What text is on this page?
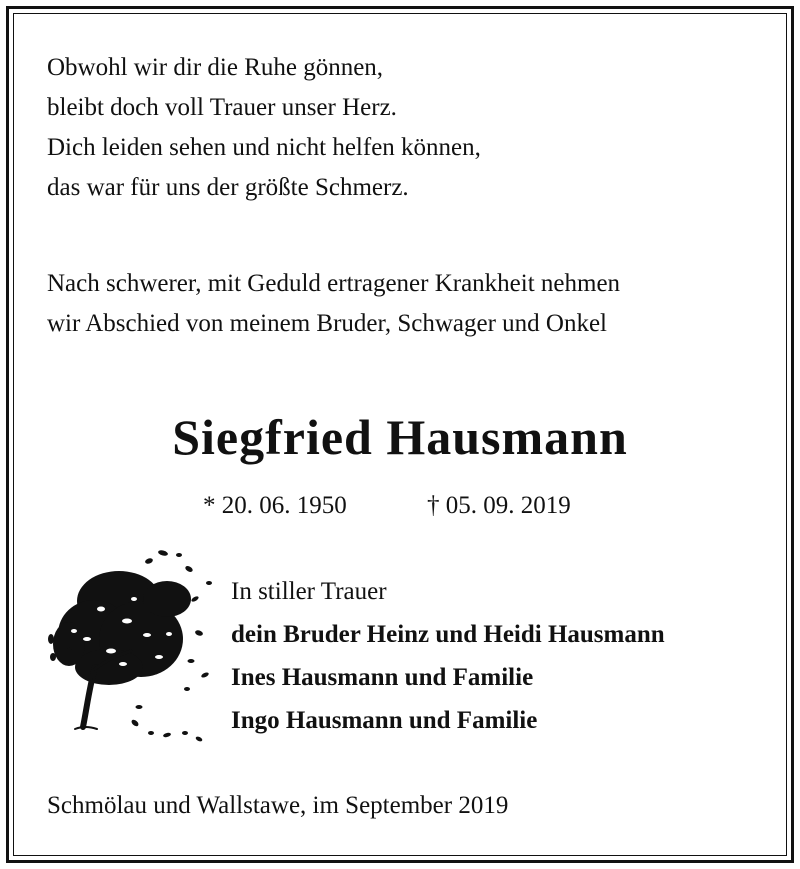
Obwohl wir dir die Ruhe gönnen,
bleibt doch voll Trauer unser Herz.
Dich leiden sehen und nicht helfen können,
das war für uns der größte Schmerz.

Nach schwerer, mit Geduld ertragener Krankheit nehmen
wir Abschied von meinem Bruder, Schwager und Onkel

Siegfried Hausmann
* 20. 06. 1950	† 05. 09. 2019
In stiller Trauer
dein Bruder Heinz und Heidi Hausmann
Ines Hausmann und Familie
Ingo Hausmann und Familie
Schmölau und Wallstawe, im September 2019
